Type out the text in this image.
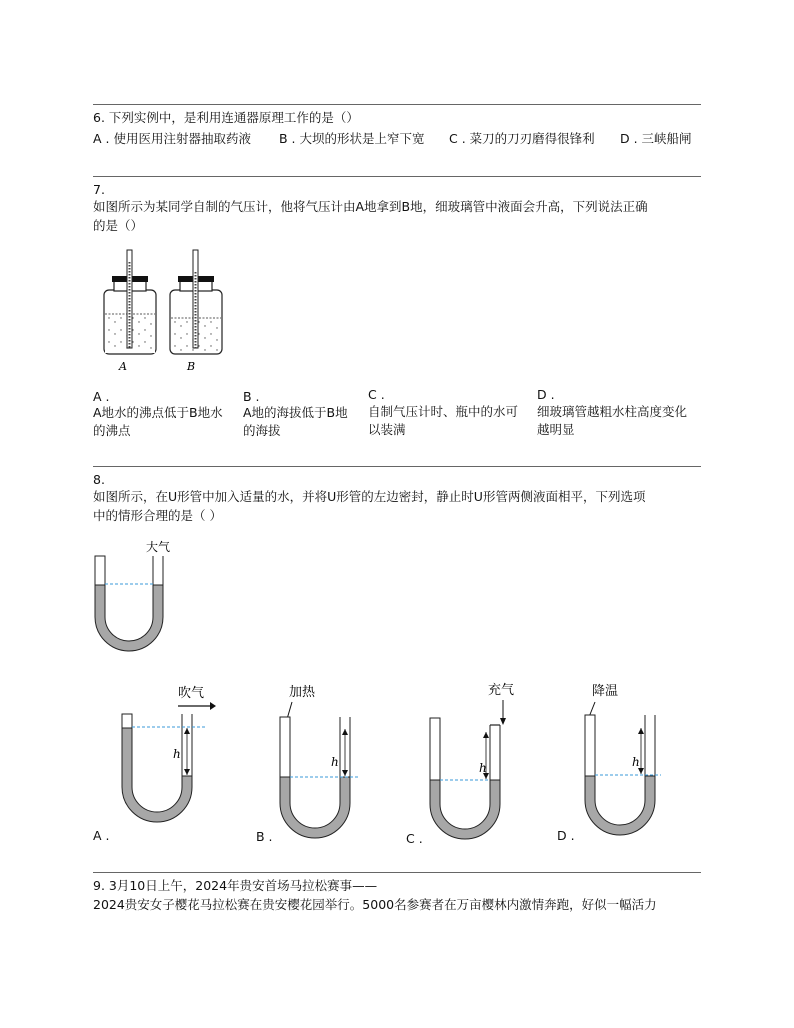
6. 下列实例中，是利用连通器原理工作的是（）
A . 使用医用注射器抽取药液 B . 大坝的形状是上窄下宽 C . 菜刀的刀刃磨得很锋利 D . 三峡船闸
7.
如图所示为某同学自制的气压计，他将气压计由A地拿到B地，细玻璃管中液面会升高，下列说法正确
的是（）
A	B
A .
A地水的沸点低于B地水
的沸点
B .
A地的海拔低于B地
的海拔
C .
自制气压计时、瓶中的水可
以装满
D .
细玻璃管越粗水柱高度变化
越明显
8.
如图所示，在U形管中加入适量的水，并将U形管的左边密封，静止时U形管两侧液面相平，下列选项
中的情形合理的是（ ）
大气
吹气
h
A .
加热
h
B .
充气
h
C .
降温
h
D .
9. 3月10日上午，2024年贵安首场马拉松赛事——
2024贵安女子樱花马拉松赛在贵安樱花园举行。5000名参赛者在万亩樱林内激情奔跑，好似一幅活力
